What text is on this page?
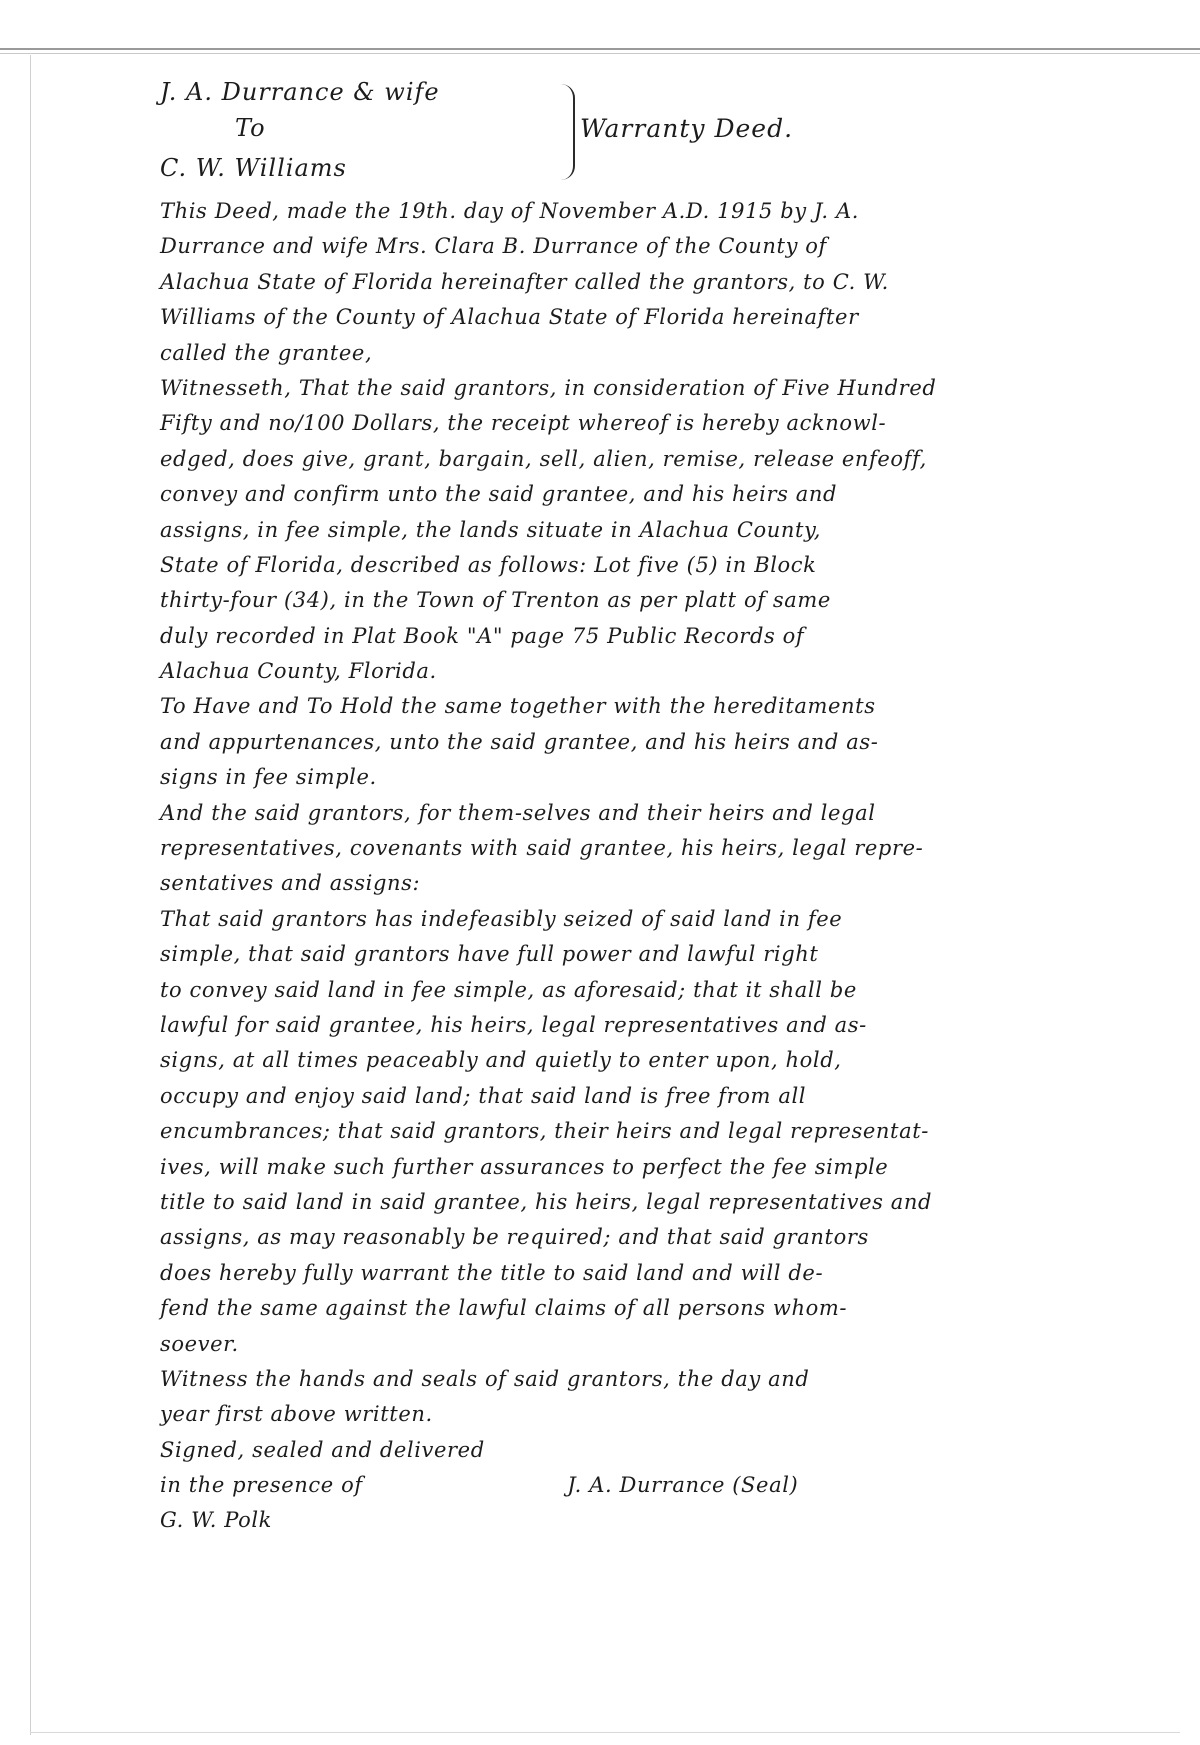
J. A. Durrance & wife
To
C. W. Williams
Warranty Deed.
This Deed, made the 19th. day of November A.D. 1915 by J. A.
Durrance and wife Mrs. Clara B. Durrance of the County of
Alachua State of Florida hereinafter called the grantors, to C. W.
Williams of the County of Alachua State of Florida hereinafter
called the grantee,
Witnesseth, That the said grantors, in consideration of Five Hundred
Fifty and no/100 Dollars, the receipt whereof is hereby acknowl-
edged, does give, grant, bargain, sell, alien, remise, release enfeoff,
convey and confirm unto the said grantee, and his heirs and
assigns, in fee simple, the lands situate in Alachua County,
State of Florida, described as follows: Lot five (5) in Block
thirty-four (34), in the Town of Trenton as per platt of same
duly recorded in Plat Book "A" page 75 Public Records of
Alachua County, Florida.
To Have and To Hold the same together with the hereditaments
and appurtenances, unto the said grantee, and his heirs and as-
signs in fee simple.
And the said grantors, for them-selves and their heirs and legal
representatives, covenants with said grantee, his heirs, legal repre-
sentatives and assigns:
That said grantors has indefeasibly seized of said land in fee
simple, that said grantors have full power and lawful right
to convey said land in fee simple, as aforesaid; that it shall be
lawful for said grantee, his heirs, legal representatives and as-
signs, at all times peaceably and quietly to enter upon, hold,
occupy and enjoy said land; that said land is free from all
encumbrances; that said grantors, their heirs and legal representat-
ives, will make such further assurances to perfect the fee simple
title to said land in said grantee, his heirs, legal representatives and
assigns, as may reasonably be required; and that said grantors
does hereby fully warrant the title to said land and will de-
fend the same against the lawful claims of all persons whom-
soever.
Witness the hands and seals of said grantors, the day and
year first above written.
Signed, sealed and delivered
in the presence of	J. A. Durrance (Seal)
G. W. Polk
